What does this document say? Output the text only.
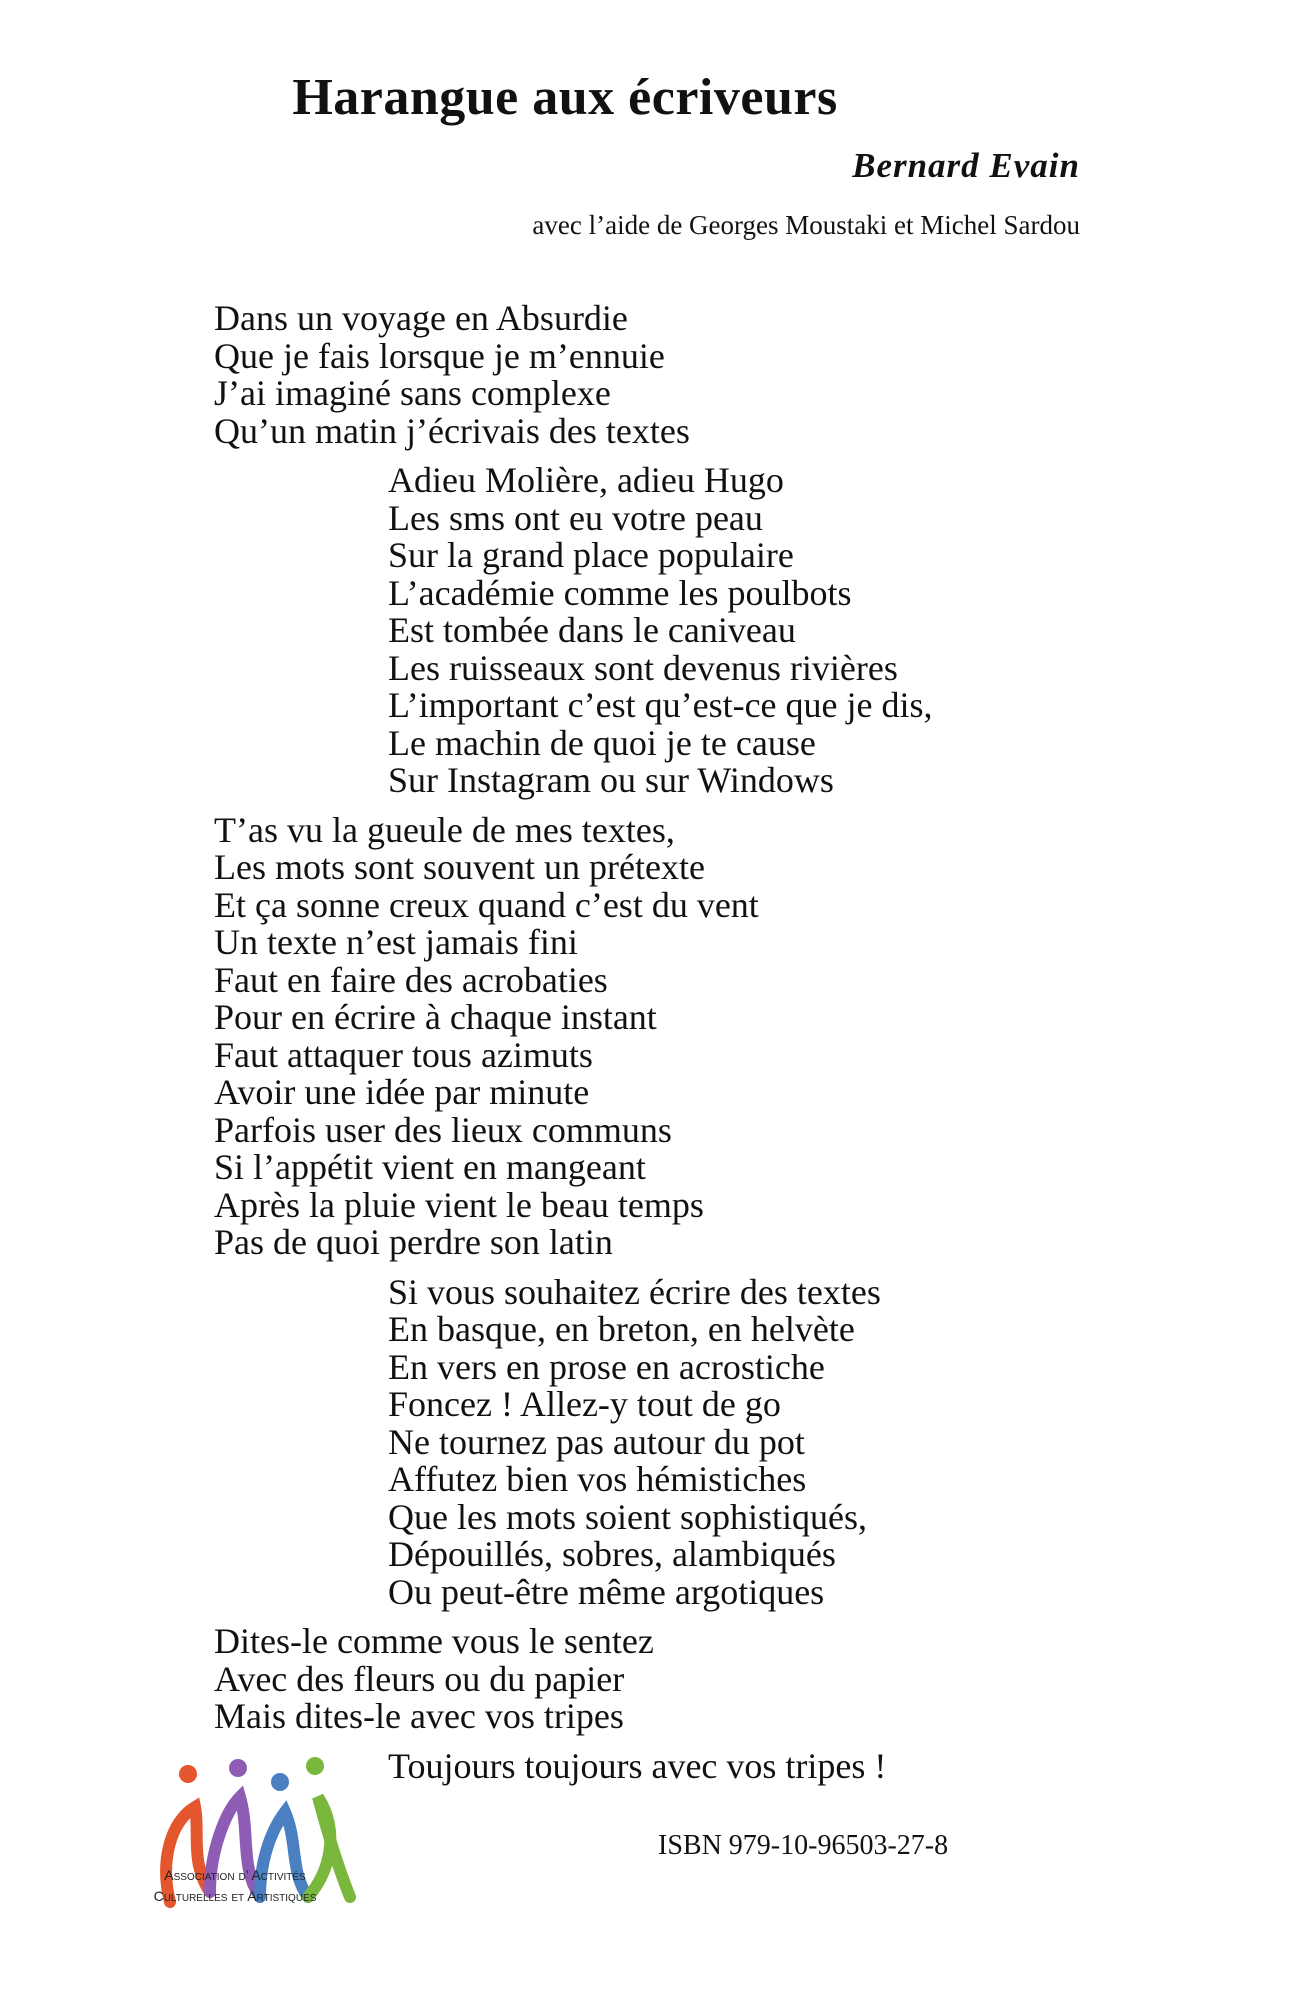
Harangue aux écriveurs
Bernard Evain
avec l’aide de Georges Moustaki et Michel Sardou
Dans un voyage en Absurdie
Que je fais lorsque je m’ennuie
J’ai imaginé sans complexe
Qu’un matin j’écrivais des textes
Adieu Molière, adieu Hugo
Les sms ont eu votre peau
Sur la grand place populaire
L’académie comme les poulbots
Est tombée dans le caniveau
Les ruisseaux sont devenus rivières
L’important c’est qu’est-ce que je dis,
Le machin de quoi je te cause
Sur Instagram ou sur Windows
T’as vu la gueule de mes textes,
Les mots sont souvent un prétexte
Et ça sonne creux quand c’est du vent
Un texte n’est jamais fini
Faut en faire des acrobaties
Pour en écrire à chaque instant
Faut attaquer tous azimuts
Avoir une idée par minute
Parfois user des lieux communs
Si l’appétit vient en mangeant
Après la pluie vient le beau temps
Pas de quoi perdre son latin
Si vous souhaitez écrire des textes
En basque, en breton, en helvète
En vers en prose en acrostiche
Foncez ! Allez-y tout de go
Ne tournez pas autour du pot
Affutez bien vos hémistiches
Que les mots soient sophistiqués,
Dépouillés, sobres, alambiqués
Ou peut-être même argotiques
Dites-le comme vous le sentez
Avec des fleurs ou du papier
Mais dites-le avec vos tripes
Toujours toujours avec vos tripes !
Association d’ Activités
Culturelles et Artistiques
ISBN 979-10-96503-27-8
